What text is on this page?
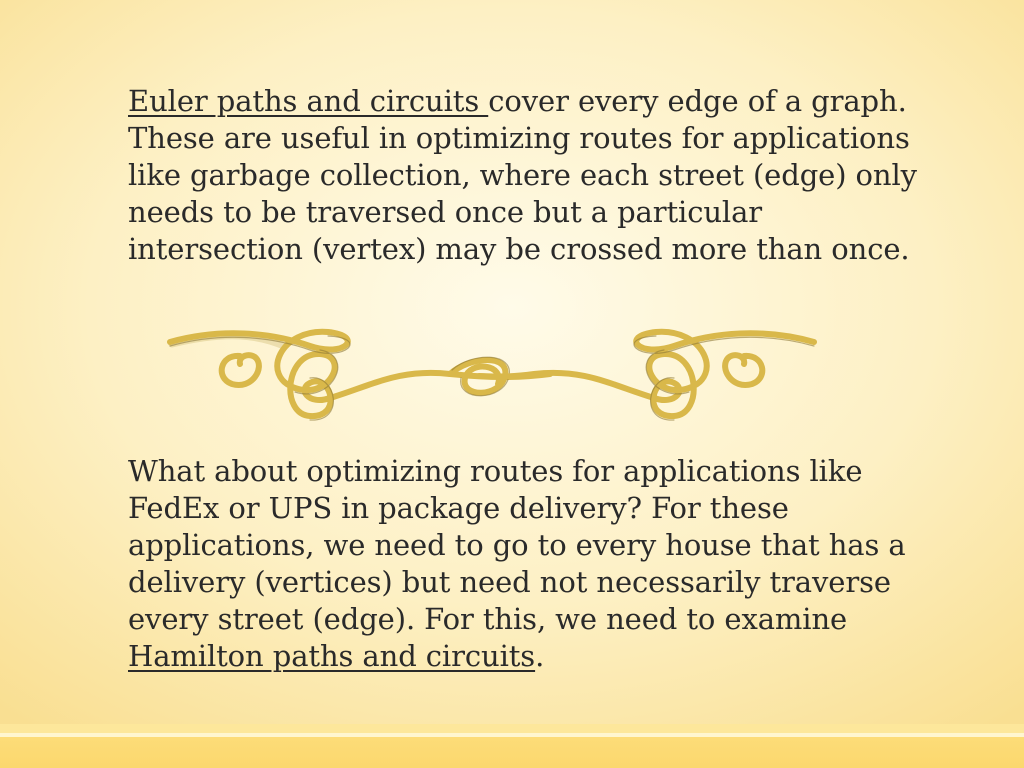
Euler paths and circuits cover every edge of a graph. These are useful in optimizing routes for applications like garbage collection, where each street (edge) only needs to be traversed once but a particular intersection (vertex) may be crossed more than once.

What about optimizing routes for applications like FedEx or UPS in package delivery? For these applications, we need to go to every house that has a delivery (vertices) but need not necessarily traverse every street (edge). For this, we need to examine Hamilton paths and circuits.
